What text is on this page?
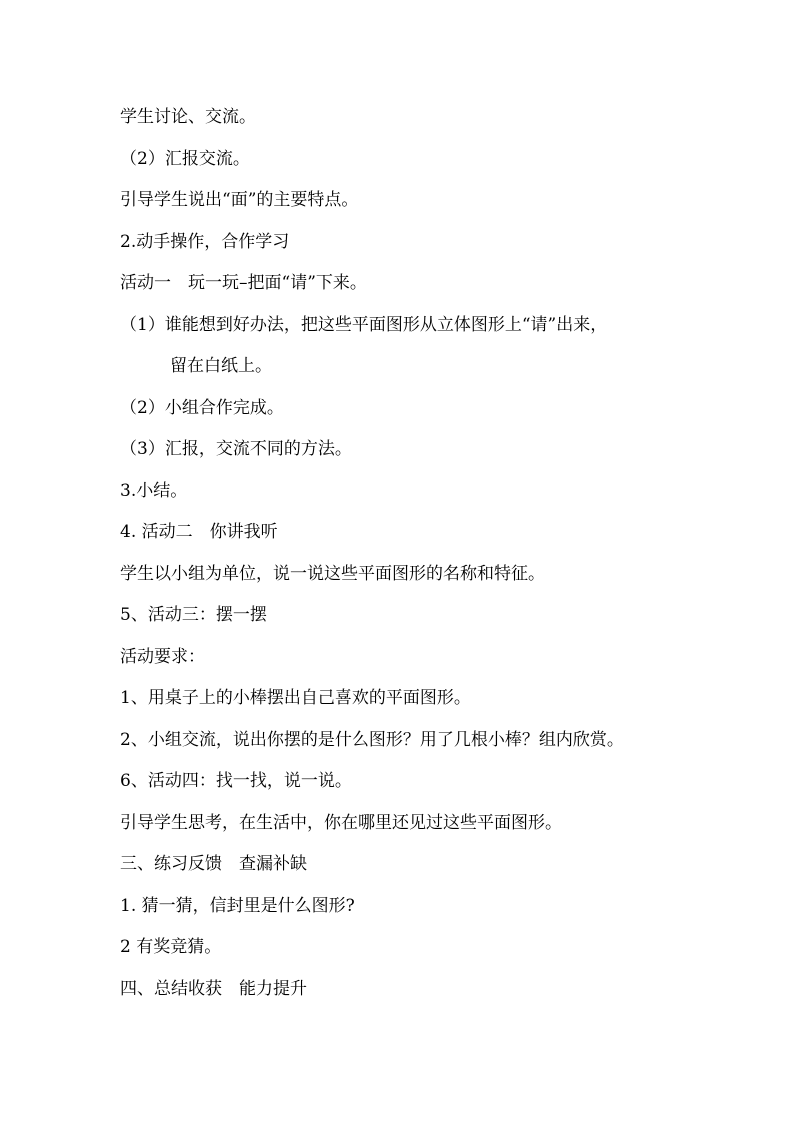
学生讨论、交流。
（2）汇报交流。
引导学生说出“面”的主要特点。
2.动手操作，合作学习
活动一　玩一玩–把面“请”下来。
（1）谁能想到好办法，把这些平面图形从立体图形上“请”出来，
留在白纸上。
（2）小组合作完成。
（3）汇报，交流不同的方法。
3.小结。
4. 活动二　你讲我听
学生以小组为单位，说一说这些平面图形的名称和特征。
5、活动三：摆一摆
活动要求：
1、用桌子上的小棒摆出自己喜欢的平面图形。
2、小组交流，说出你摆的是什么图形？用了几根小棒？组内欣赏。
6、活动四：找一找，说一说。
引导学生思考，在生活中，你在哪里还见过这些平面图形。
三、练习反馈　查漏补缺
1. 猜一猜，信封里是什么图形?
2 有奖竞猜。
四、总结收获　能力提升
